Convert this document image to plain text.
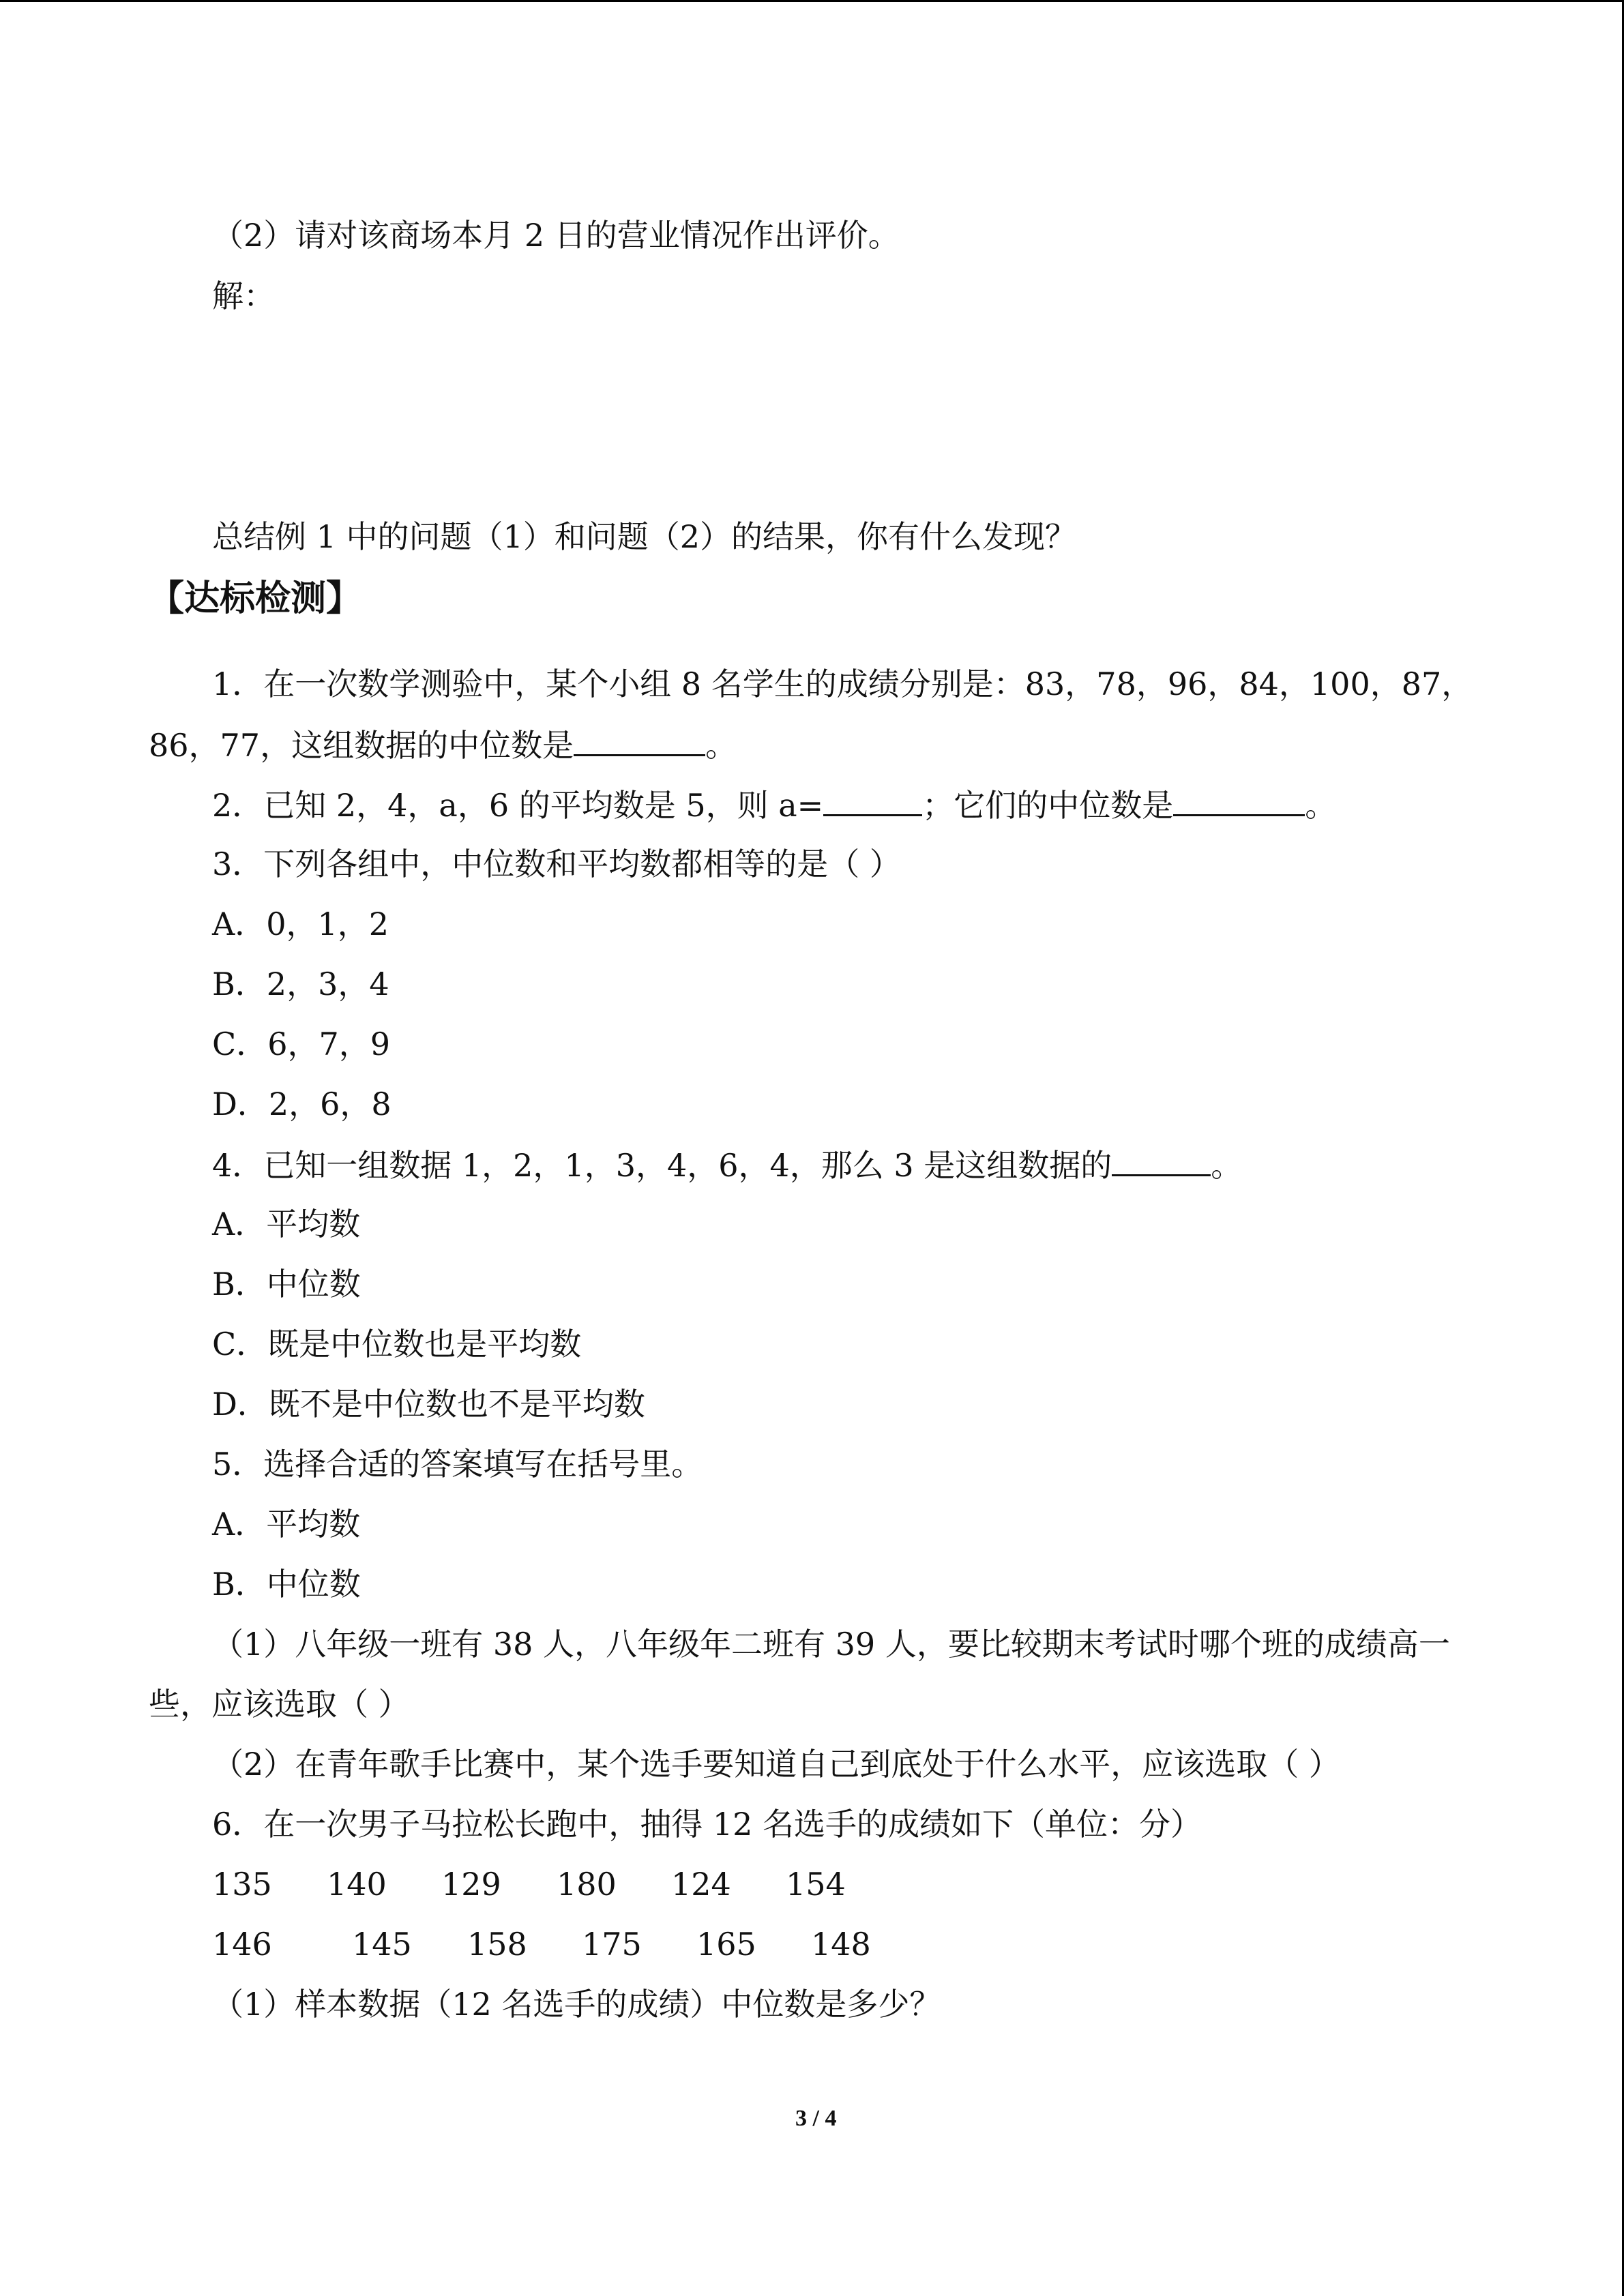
（2）请对该商场本月 2 日的营业情况作出评价。
解：
总结例 1 中的问题（1）和问题（2）的结果，你有什么发现？
【达标检测】
1．在一次数学测验中，某个小组 8 名学生的成绩分别是：83，78，96，84，100，87，
86，77，这组数据的中位数是	。
2．已知 2，4，a，6 的平均数是 5，则 a=	；它们的中位数是	。
3．下列各组中，中位数和平均数都相等的是（ ）
A．0，1，2
B．2，3，4
C．6，7，9
D．2，6，8
4．已知一组数据 1，2，1，3，4，6，4，那么 3 是这组数据的	。
A．平均数
B．中位数
C．既是中位数也是平均数
D．既不是中位数也不是平均数
5．选择合适的答案填写在括号里。
A．平均数
B．中位数
（1）八年级一班有 38 人，八年级年二班有 39 人，要比较期末考试时哪个班的成绩高一
些，应该选取（ ）
（2）在青年歌手比赛中，某个选手要知道自己到底处于什么水平，应该选取（ ）
6．在一次男子马拉松长跑中，抽得 12 名选手的成绩如下（单位：分）
135 140 129 180 124 154
146	145 158 175 165 148
（1）样本数据（12 名选手的成绩）中位数是多少？
3 / 4
